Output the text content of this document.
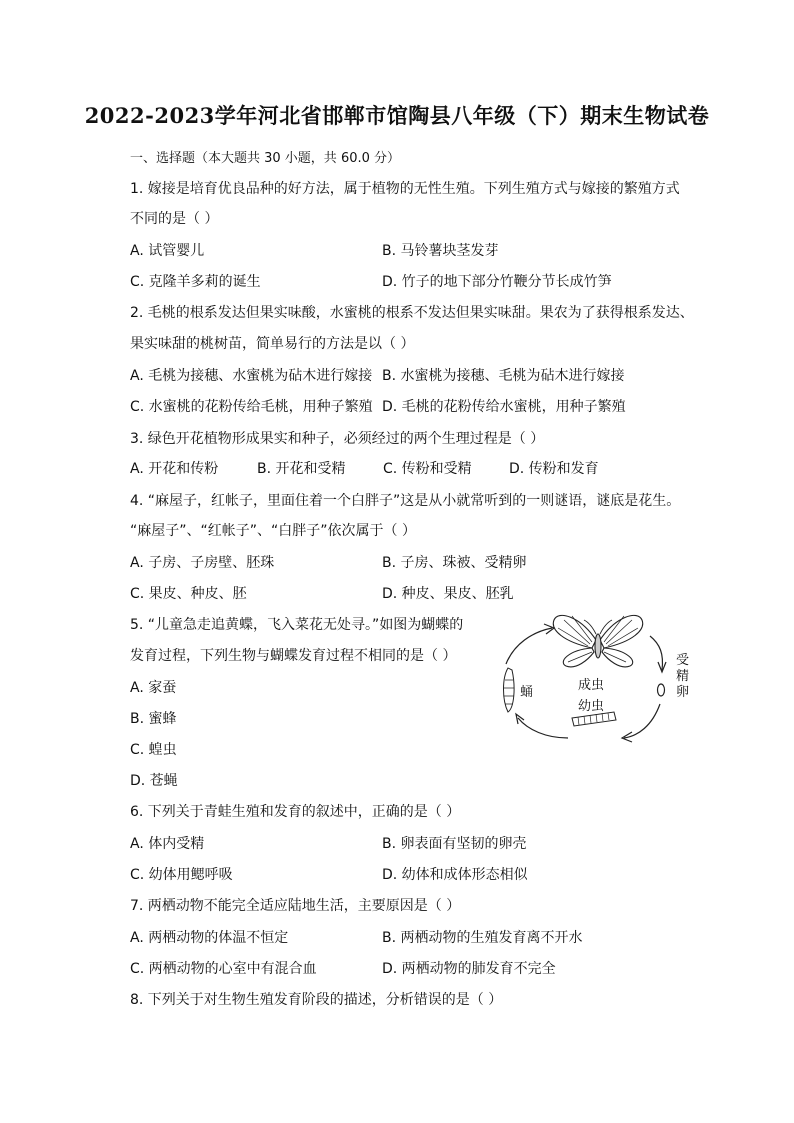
2022-2023学年河北省邯郸市馆陶县八年级（下）期末生物试卷
一、选择题（本大题共 30 小题，共 60.0 分）
1. 嫁接是培育优良品种的好方法，属于植物的无性生殖。下列生殖方式与嫁接的繁殖方式
不同的是（ ）
A. 试管婴儿	B. 马铃薯块茎发芽
C. 克隆羊多莉的诞生	D. 竹子的地下部分竹鞭分节长成竹笋
2. 毛桃的根系发达但果实味酸，水蜜桃的根系不发达但果实味甜。果农为了获得根系发达、
果实味甜的桃树苗，简单易行的方法是以（ ）
A. 毛桃为接穗、水蜜桃为砧木进行嫁接 B. 水蜜桃为接穗、毛桃为砧木进行嫁接
C. 水蜜桃的花粉传给毛桃，用种子繁殖 D. 毛桃的花粉传给水蜜桃，用种子繁殖
3. 绿色开花植物形成果实和种子，必须经过的两个生理过程是（ ）
A. 开花和传粉	B. 开花和受精	C. 传粉和受精	D. 传粉和发育
4. “麻屋子，红帐子，里面住着一个白胖子”这是从小就常听到的一则谜语，谜底是花生。
“麻屋子”、“红帐子”、“白胖子”依次属于（ ）
A. 子房、子房壁、胚珠	B. 子房、珠被、受精卵
C. 果皮、种皮、胚	D. 种皮、果皮、胚乳
5. “儿童急走追黄蝶，飞入菜花无处寻。”如图为蝴蝶的
发育过程，下列生物与蝴蝶发育过程不相同的是（ ）
A. 家蚕
B. 蜜蜂
C. 蝗虫
D. 苍蝇
成虫
受
精
卵
蛹
幼虫
6. 下列关于青蛙生殖和发育的叙述中，正确的是（ ）
A. 体内受精	B. 卵表面有坚韧的卵壳
C. 幼体用鳃呼吸	D. 幼体和成体形态相似
7. 两栖动物不能完全适应陆地生活，主要原因是（ ）
A. 两栖动物的体温不恒定	B. 两栖动物的生殖发育离不开水
C. 两栖动物的心室中有混合血	D. 两栖动物的肺发育不完全
8. 下列关于对生物生殖发育阶段的描述，分析错误的是（ ）
